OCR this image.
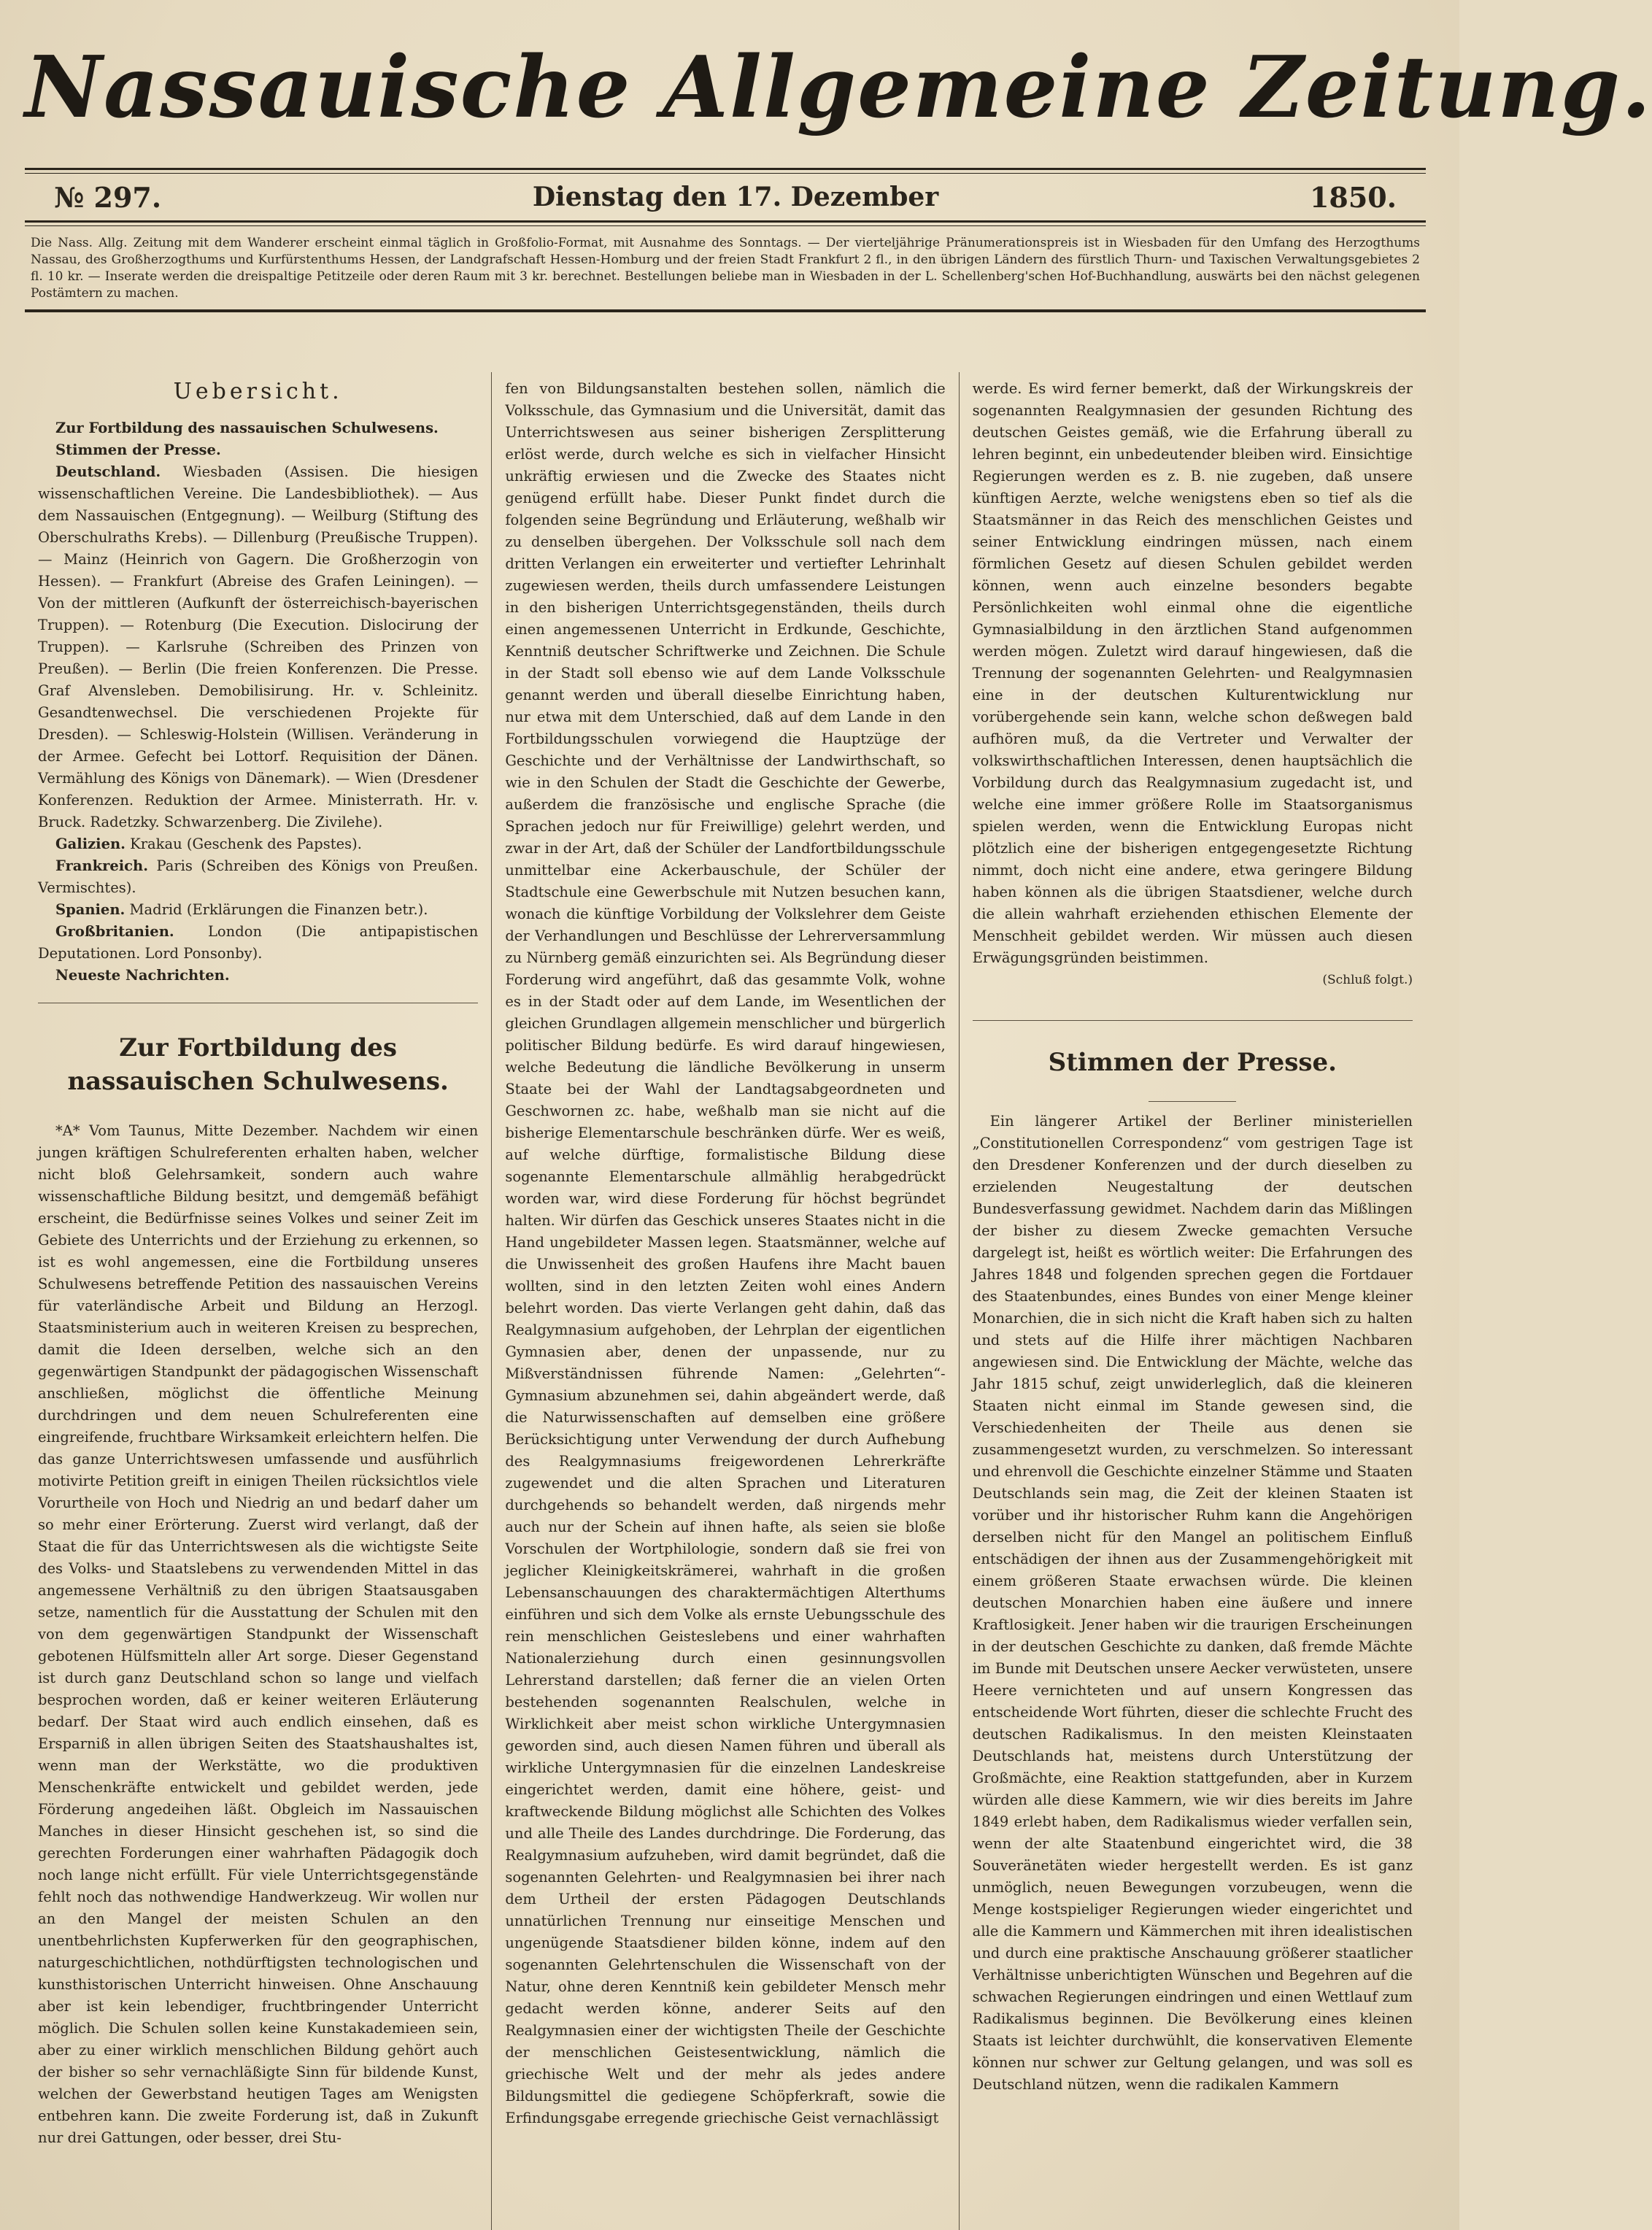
Nassauische Allgemeine Zeitung.
№ 297.	Dienstag den 17. Dezember	1850.
Die Nass. Allg. Zeitung mit dem Wanderer erscheint einmal täglich in Großfolio-Format, mit Ausnahme des Sonntags. — Der vierteljährige Pränumerationspreis ist in Wiesbaden für den Umfang des Herzogthums Nassau, des Großherzogthums und Kurfürstenthums Hessen, der Landgrafschaft Hessen-Homburg und der freien Stadt Frankfurt 2 fl., in den übrigen Ländern des fürstlich Thurn- und Taxischen Verwaltungsgebietes 2 fl. 10 kr. — Inserate werden die dreispaltige Petitzeile oder deren Raum mit 3 kr. berechnet. Bestellungen beliebe man in Wiesbaden in der L. Schellenberg'schen Hof-Buchhandlung, auswärts bei den nächst gelegenen Postämtern zu machen.
Uebersicht.

Zur Fortbildung des nassauischen Schulwesens.

Stimmen der Presse.

Deutschland. Wiesbaden (Assisen. Die hiesigen wissenschaftlichen Vereine. Die Landesbibliothek). — Aus dem Nassauischen (Entgegnung). — Weilburg (Stiftung des Oberschulraths Krebs). — Dillenburg (Preußische Truppen). — Mainz (Heinrich von Gagern. Die Großherzogin von Hessen). — Frankfurt (Abreise des Grafen Leiningen). — Von der mittleren (Aufkunft der österreichisch-bayerischen Truppen). — Rotenburg (Die Execution. Dislocirung der Truppen). — Karlsruhe (Schreiben des Prinzen von Preußen). — Berlin (Die freien Konferenzen. Die Presse. Graf Alvensleben. Demobilisirung. Hr. v. Schleinitz. Gesandtenwechsel. Die verschiedenen Projekte für Dresden). — Schleswig-Holstein (Willisen. Veränderung in der Armee. Gefecht bei Lottorf. Requisition der Dänen. Vermählung des Königs von Dänemark). — Wien (Dresdener Konferenzen. Reduktion der Armee. Ministerrath. Hr. v. Bruck. Radetzky. Schwarzenberg. Die Zivilehe).

Galizien. Krakau (Geschenk des Papstes).

Frankreich. Paris (Schreiben des Königs von Preußen. Vermischtes).

Spanien. Madrid (Erklärungen die Finanzen betr.).

Großbritanien. London (Die antipapistischen Deputationen. Lord Ponsonby).

Neueste Nachrichten.

Zur Fortbildung des nassauischen Schulwesens.

*A* Vom Taunus, Mitte Dezember. Nachdem wir einen jungen kräftigen Schulreferenten erhalten haben, welcher nicht bloß Gelehrsamkeit, sondern auch wahre wissenschaftliche Bildung besitzt, und demgemäß befähigt erscheint, die Bedürfnisse seines Volkes und seiner Zeit im Gebiete des Unterrichts und der Erziehung zu erkennen, so ist es wohl angemessen, eine die Fortbildung unseres Schulwesens betreffende Petition des nassauischen Vereins für vaterländische Arbeit und Bildung an Herzogl. Staatsministerium auch in weiteren Kreisen zu besprechen, damit die Ideen derselben, welche sich an den gegenwärtigen Standpunkt der pädagogischen Wissenschaft anschließen, möglichst die öffentliche Meinung durchdringen und dem neuen Schulreferenten eine eingreifende, fruchtbare Wirksamkeit erleichtern helfen. Die das ganze Unterrichtswesen umfassende und ausführlich motivirte Petition greift in einigen Theilen rücksichtlos viele Vorurtheile von Hoch und Niedrig an und bedarf daher um so mehr einer Erörterung. Zuerst wird verlangt, daß der Staat die für das Unterrichtswesen als die wichtigste Seite des Volks- und Staatslebens zu verwendenden Mittel in das angemessene Verhältniß zu den übrigen Staatsausgaben setze, namentlich für die Ausstattung der Schulen mit den von dem gegenwärtigen Standpunkt der Wissenschaft gebotenen Hülfsmitteln aller Art sorge. Dieser Gegenstand ist durch ganz Deutschland schon so lange und vielfach besprochen worden, daß er keiner weiteren Erläuterung bedarf. Der Staat wird auch endlich einsehen, daß es Ersparniß in allen übrigen Seiten des Staatshaushaltes ist, wenn man der Werkstätte, wo die produktiven Menschenkräfte entwickelt und gebildet werden, jede Förderung angedeihen läßt. Obgleich im Nassauischen Manches in dieser Hinsicht geschehen ist, so sind die gerechten Forderungen einer wahrhaften Pädagogik doch noch lange nicht erfüllt. Für viele Unterrichtsgegenstände fehlt noch das nothwendige Handwerkzeug. Wir wollen nur an den Mangel der meisten Schulen an den unentbehrlichsten Kupferwerken für den geographischen, naturgeschichtlichen, nothdürftigsten technologischen und kunsthistorischen Unterricht hinweisen. Ohne Anschauung aber ist kein lebendiger, fruchtbringender Unterricht möglich. Die Schulen sollen keine Kunstakademieen sein, aber zu einer wirklich menschlichen Bildung gehört auch der bisher so sehr vernachläßigte Sinn für bildende Kunst, welchen der Gewerbstand heutigen Tages am Wenigsten entbehren kann. Die zweite Forderung ist, daß in Zukunft nur drei Gattungen, oder besser, drei Stu-

fen von Bildungsanstalten bestehen sollen, nämlich die Volksschule, das Gymnasium und die Universität, damit das Unterrichtswesen aus seiner bisherigen Zersplitterung erlöst werde, durch welche es sich in vielfacher Hinsicht unkräftig erwiesen und die Zwecke des Staates nicht genügend erfüllt habe. Dieser Punkt findet durch die folgenden seine Begründung und Erläuterung, weßhalb wir zu denselben übergehen. Der Volksschule soll nach dem dritten Verlangen ein erweiterter und vertiefter Lehrinhalt zugewiesen werden, theils durch umfassendere Leistungen in den bisherigen Unterrichtsgegenständen, theils durch einen angemessenen Unterricht in Erdkunde, Geschichte, Kenntniß deutscher Schriftwerke und Zeichnen. Die Schule in der Stadt soll ebenso wie auf dem Lande Volksschule genannt werden und überall dieselbe Einrichtung haben, nur etwa mit dem Unterschied, daß auf dem Lande in den Fortbildungsschulen vorwiegend die Hauptzüge der Geschichte und der Verhältnisse der Landwirthschaft, so wie in den Schulen der Stadt die Geschichte der Gewerbe, außerdem die französische und englische Sprache (die Sprachen jedoch nur für Freiwillige) gelehrt werden, und zwar in der Art, daß der Schüler der Landfortbildungsschule unmittelbar eine Ackerbauschule, der Schüler der Stadtschule eine Gewerbschule mit Nutzen besuchen kann, wonach die künftige Vorbildung der Volkslehrer dem Geiste der Verhandlungen und Beschlüsse der Lehrerversammlung zu Nürnberg gemäß einzurichten sei. Als Begründung dieser Forderung wird angeführt, daß das gesammte Volk, wohne es in der Stadt oder auf dem Lande, im Wesentlichen der gleichen Grundlagen allgemein menschlicher und bürgerlich politischer Bildung bedürfe. Es wird darauf hingewiesen, welche Bedeutung die ländliche Bevölkerung in unserm Staate bei der Wahl der Landtagsabgeordneten und Geschwornen zc. habe, weßhalb man sie nicht auf die bisherige Elementarschule beschränken dürfe. Wer es weiß, auf welche dürftige, formalistische Bildung diese sogenannte Elementarschule allmählig herabgedrückt worden war, wird diese Forderung für höchst begründet halten. Wir dürfen das Geschick unseres Staates nicht in die Hand ungebildeter Massen legen. Staatsmänner, welche auf die Unwissenheit des großen Haufens ihre Macht bauen wollten, sind in den letzten Zeiten wohl eines Andern belehrt worden. Das vierte Verlangen geht dahin, daß das Realgymnasium aufgehoben, der Lehrplan der eigentlichen Gymnasien aber, denen der unpassende, nur zu Mißverständnissen führende Namen: „Gelehrten“-Gymnasium abzunehmen sei, dahin abgeändert werde, daß die Naturwissenschaften auf demselben eine größere Berücksichtigung unter Verwendung der durch Aufhebung des Realgymnasiums freigewordenen Lehrerkräfte zugewendet und die alten Sprachen und Literaturen durchgehends so behandelt werden, daß nirgends mehr auch nur der Schein auf ihnen hafte, als seien sie bloße Vorschulen der Wortphilologie, sondern daß sie frei von jeglicher Kleinigkeitskrämerei, wahrhaft in die großen Lebensanschauungen des charaktermächtigen Alterthums einführen und sich dem Volke als ernste Uebungsschule des rein menschlichen Geisteslebens und einer wahrhaften Nationalerziehung durch einen gesinnungsvollen Lehrerstand darstellen; daß ferner die an vielen Orten bestehenden sogenannten Realschulen, welche in Wirklichkeit aber meist schon wirkliche Untergymnasien geworden sind, auch diesen Namen führen und überall als wirkliche Untergymnasien für die einzelnen Landeskreise eingerichtet werden, damit eine höhere, geist- und kraftweckende Bildung möglichst alle Schichten des Volkes und alle Theile des Landes durchdringe. Die Forderung, das Realgymnasium aufzuheben, wird damit begründet, daß die sogenannten Gelehrten- und Realgymnasien bei ihrer nach dem Urtheil der ersten Pädagogen Deutschlands unnatürlichen Trennung nur einseitige Menschen und ungenügende Staatsdiener bilden könne, indem auf den sogenannten Gelehrtenschulen die Wissenschaft von der Natur, ohne deren Kenntniß kein gebildeter Mensch mehr gedacht werden könne, anderer Seits auf den Realgymnasien einer der wichtigsten Theile der Geschichte der menschlichen Geistesentwicklung, nämlich die griechische Welt und der mehr als jedes andere Bildungsmittel die gediegene Schöpferkraft, sowie die Erfindungsgabe erregende griechische Geist vernachlässigt

werde. Es wird ferner bemerkt, daß der Wirkungskreis der sogenannten Realgymnasien der gesunden Richtung des deutschen Geistes gemäß, wie die Erfahrung überall zu lehren beginnt, ein unbedeutender bleiben wird. Einsichtige Regierungen werden es z. B. nie zugeben, daß unsere künftigen Aerzte, welche wenigstens eben so tief als die Staatsmänner in das Reich des menschlichen Geistes und seiner Entwicklung eindringen müssen, nach einem förmlichen Gesetz auf diesen Schulen gebildet werden können, wenn auch einzelne besonders begabte Persönlichkeiten wohl einmal ohne die eigentliche Gymnasialbildung in den ärztlichen Stand aufgenommen werden mögen. Zuletzt wird darauf hingewiesen, daß die Trennung der sogenannten Gelehrten- und Realgymnasien eine in der deutschen Kulturentwicklung nur vorübergehende sein kann, welche schon deßwegen bald aufhören muß, da die Vertreter und Verwalter der volkswirthschaftlichen Interessen, denen hauptsächlich die Vorbildung durch das Realgymnasium zugedacht ist, und welche eine immer größere Rolle im Staatsorganismus spielen werden, wenn die Entwicklung Europas nicht plötzlich eine der bisherigen entgegengesetzte Richtung nimmt, doch nicht eine andere, etwa geringere Bildung haben können als die übrigen Staatsdiener, welche durch die allein wahrhaft erziehenden ethischen Elemente der Menschheit gebildet werden. Wir müssen auch diesen Erwägungsgründen beistimmen.

(Schluß folgt.)

Stimmen der Presse.

Ein längerer Artikel der Berliner ministeriellen „Constitutionellen Correspondenz“ vom gestrigen Tage ist den Dresdener Konferenzen und der durch dieselben zu erzielenden Neugestaltung der deutschen Bundesverfassung gewidmet. Nachdem darin das Mißlingen der bisher zu diesem Zwecke gemachten Versuche dargelegt ist, heißt es wörtlich weiter: Die Erfahrungen des Jahres 1848 und folgenden sprechen gegen die Fortdauer des Staatenbundes, eines Bundes von einer Menge kleiner Monarchien, die in sich nicht die Kraft haben sich zu halten und stets auf die Hilfe ihrer mächtigen Nachbaren angewiesen sind. Die Entwicklung der Mächte, welche das Jahr 1815 schuf, zeigt unwiderleglich, daß die kleineren Staaten nicht einmal im Stande gewesen sind, die Verschiedenheiten der Theile aus denen sie zusammengesetzt wurden, zu verschmelzen. So interessant und ehrenvoll die Geschichte einzelner Stämme und Staaten Deutschlands sein mag, die Zeit der kleinen Staaten ist vorüber und ihr historischer Ruhm kann die Angehörigen derselben nicht für den Mangel an politischem Einfluß entschädigen der ihnen aus der Zusammengehörigkeit mit einem größeren Staate erwachsen würde. Die kleinen deutschen Monarchien haben eine äußere und innere Kraftlosigkeit. Jener haben wir die traurigen Erscheinungen in der deutschen Geschichte zu danken, daß fremde Mächte im Bunde mit Deutschen unsere Aecker verwüsteten, unsere Heere vernichteten und auf unsern Kongressen das entscheidende Wort führten, dieser die schlechte Frucht des deutschen Radikalismus. In den meisten Kleinstaaten Deutschlands hat, meistens durch Unterstützung der Großmächte, eine Reaktion stattgefunden, aber in Kurzem würden alle diese Kammern, wie wir dies bereits im Jahre 1849 erlebt haben, dem Radikalismus wieder verfallen sein, wenn der alte Staatenbund eingerichtet wird, die 38 Souveränetäten wieder hergestellt werden. Es ist ganz unmöglich, neuen Bewegungen vorzubeugen, wenn die Menge kostspieliger Regierungen wieder eingerichtet und alle die Kammern und Kämmerchen mit ihren idealistischen und durch eine praktische Anschauung größerer staatlicher Verhältnisse unberichtigten Wünschen und Begehren auf die schwachen Regierungen eindringen und einen Wettlauf zum Radikalismus beginnen. Die Bevölkerung eines kleinen Staats ist leichter durchwühlt, die konservativen Elemente können nur schwer zur Geltung gelangen, und was soll es Deutschland nützen, wenn die radikalen Kammern
